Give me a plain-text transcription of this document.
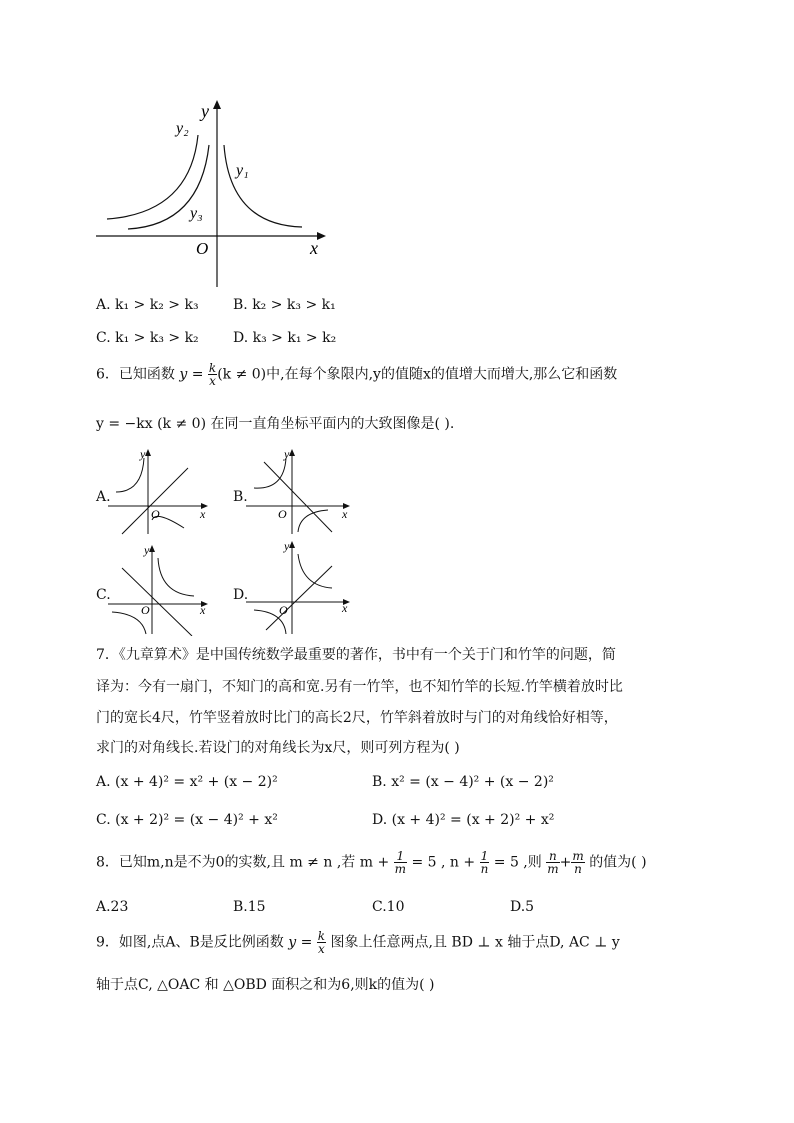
y
x
O
y₂
y₁
y₃
A. k₁ > k₂ > k₃ B. k₂ > k₃ > k₁
C. k₁ > k₃ > k₂ D. k₃ > k₁ > k₂
6．已知函数 $y = \frac{k}{x} (k \ne 0)$中,在每个象限内,y的值随x的值增大而增大,那么它和函数
y = −kx (k ≠ 0) 在同一直角坐标平面内的大致图像是( ).
A.
y
x
O
B.
y
x
O
C.
y
x
O
D.
y
x
O
7．《九章算术》是中国传统数学最重要的著作，书中有一个关于门和竹竿的问题，简
译为：今有一扇门，不知门的高和宽.另有一竹竿，也不知竹竿的长短.竹竿横着放时比
门的宽长4尺，竹竿竖着放时比门的高长2尺，竹竿斜着放时与门的对角线恰好相等，
求门的对角线长.若设门的对角线长为x尺，则可列方程为( )
A. (x + 4)² = x² + (x − 2)²	B. x² = (x − 4)² + (x − 2)²
C. (x + 2)² = (x − 4)² + x²	D. (x + 4)² = (x + 2)² + x²
8．已知m,n是不为0的实数,且 m ≠ n ,若 $m + \frac{1}{m} = 5$ , $n + \frac{1}{n} = 5$ ,则 $\frac{n}{m} + \frac{m}{n}$ 的值为( )
A.23	B.15	C.10	D.5
9．如图,点A、B是反比例函数 $y = \frac{k}{x}$ 图象上任意两点,且 BD ⊥ x 轴于点D, AC ⊥ y
轴于点C, △OAC 和 △OBD 面积之和为6,则k的值为( )
